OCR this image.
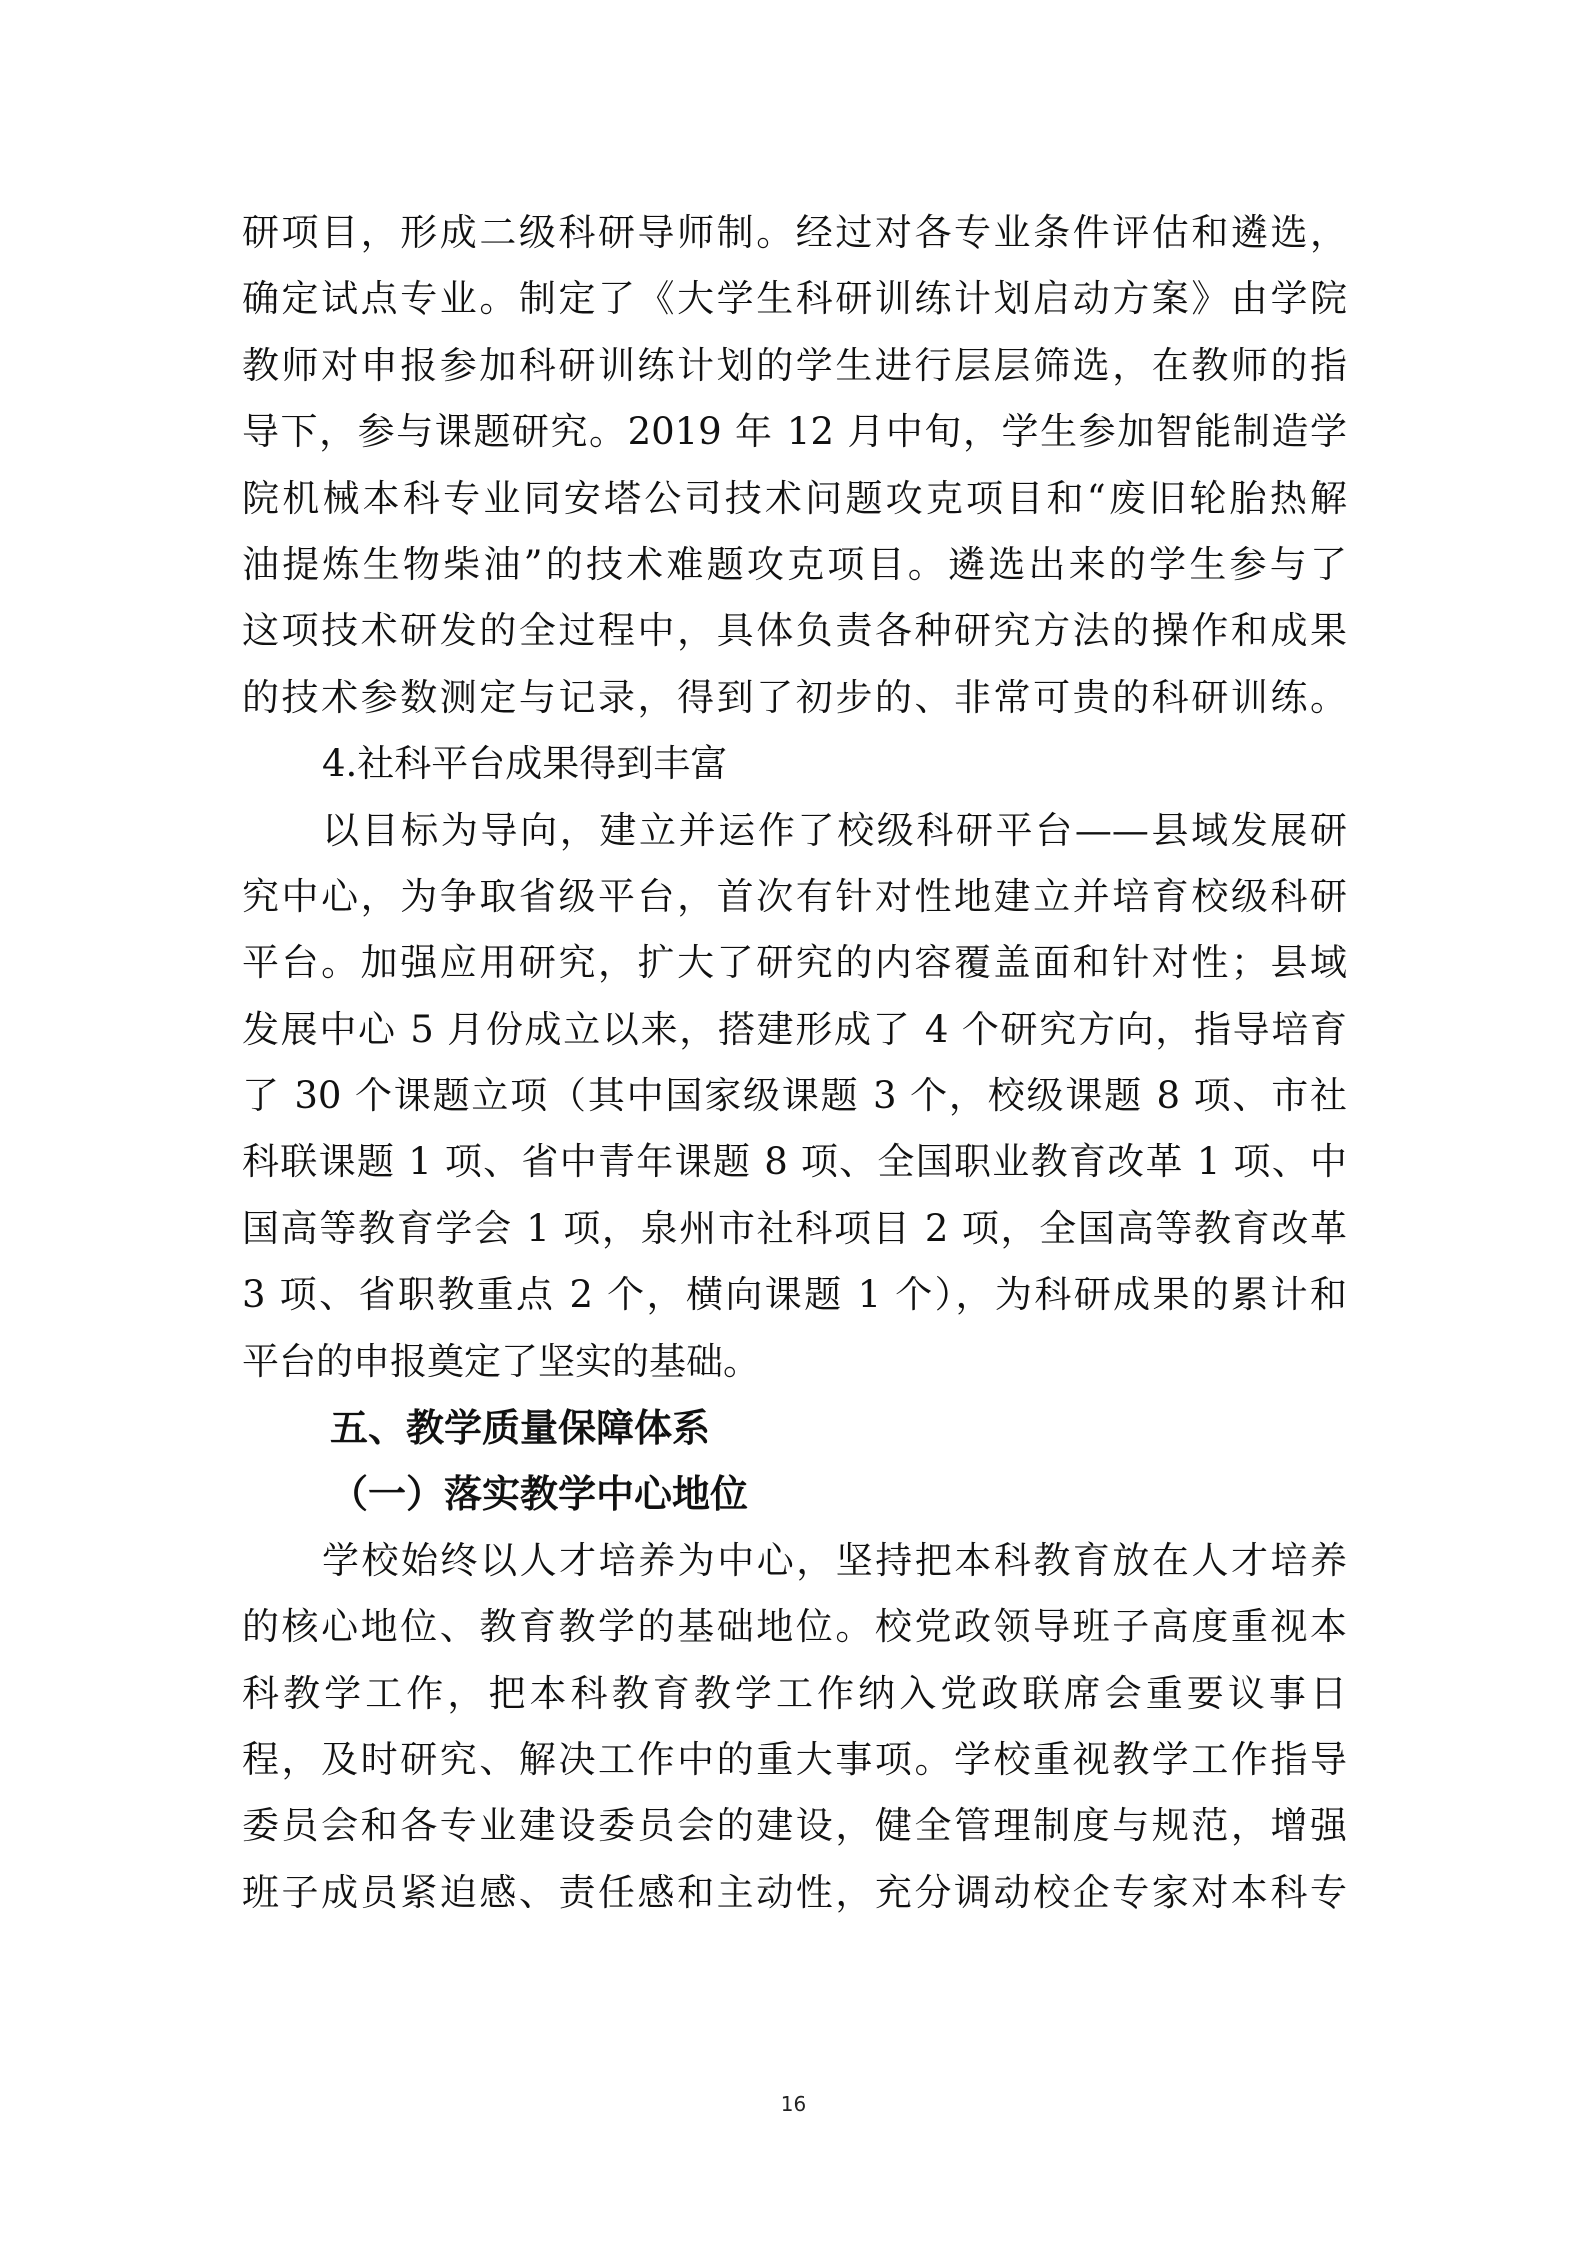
研项目，形成二级科研导师制。经过对各专业条件评估和遴选，
确定试点专业。制定了《大学生科研训练计划启动方案》由学院
教师对申报参加科研训练计划的学生进行层层筛选，在教师的指
导下，参与课题研究。2019 年 12 月中旬，学生参加智能制造学
院机械本科专业同安塔公司技术问题攻克项目和“废旧轮胎热解
油提炼生物柴油”的技术难题攻克项目。遴选出来的学生参与了
这项技术研发的全过程中，具体负责各种研究方法的操作和成果
的技术参数测定与记录，得到了初步的、非常可贵的科研训练。
4.社科平台成果得到丰富
以目标为导向，建立并运作了校级科研平台——县域发展研
究中心，为争取省级平台，首次有针对性地建立并培育校级科研
平台。加强应用研究，扩大了研究的内容覆盖面和针对性；县域
发展中心 5 月份成立以来，搭建形成了 4 个研究方向，指导培育
了 30 个课题立项（其中国家级课题 3 个，校级课题 8 项、市社
科联课题 1 项、省中青年课题 8 项、全国职业教育改革 1 项、中
国高等教育学会 1 项，泉州市社科项目 2 项，全国高等教育改革
3 项、省职教重点 2 个，横向课题 1 个），为科研成果的累计和
平台的申报奠定了坚实的基础。
五、教学质量保障体系
（一）落实教学中心地位
学校始终以人才培养为中心，坚持把本科教育放在人才培养
的核心地位、教育教学的基础地位。校党政领导班子高度重视本
科教学工作，把本科教育教学工作纳入党政联席会重要议事日
程，及时研究、解决工作中的重大事项。学校重视教学工作指导
委员会和各专业建设委员会的建设，健全管理制度与规范，增强
班子成员紧迫感、责任感和主动性，充分调动校企专家对本科专
16
